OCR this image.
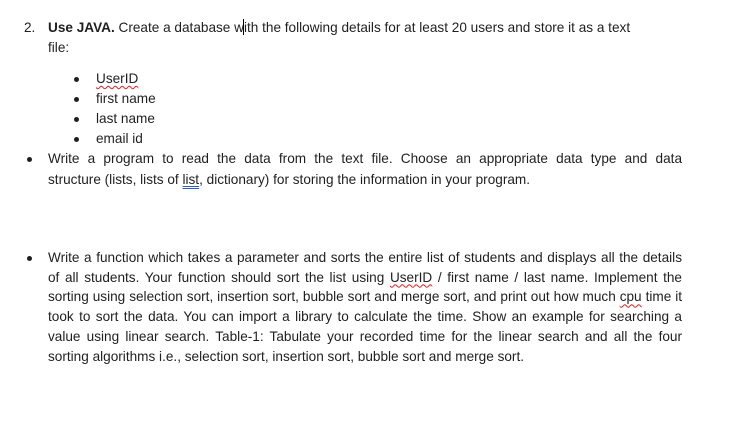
2. Use JAVA. Create a database with the following details for at least 20 users and store it as a text
file:
UserID
first name
last name
email id
Write a program to read the data from the text file. Choose an appropriate data type and data
structure (lists, lists of list, dictionary) for storing the information in your program.
Write a function which takes a parameter and sorts the entire list of students and displays all the details of all students. Your function should sort the list using UserID / first name / last name. Implement the sorting using selection sort, insertion sort, bubble sort and merge sort, and print out how much cpu time it took to sort the data. You can import a library to calculate the time. Show an example for searching a value using linear search. Table-1: Tabulate your recorded time for the linear search and all the four sorting algorithms i.e., selection sort, insertion sort, bubble sort and merge sort.
